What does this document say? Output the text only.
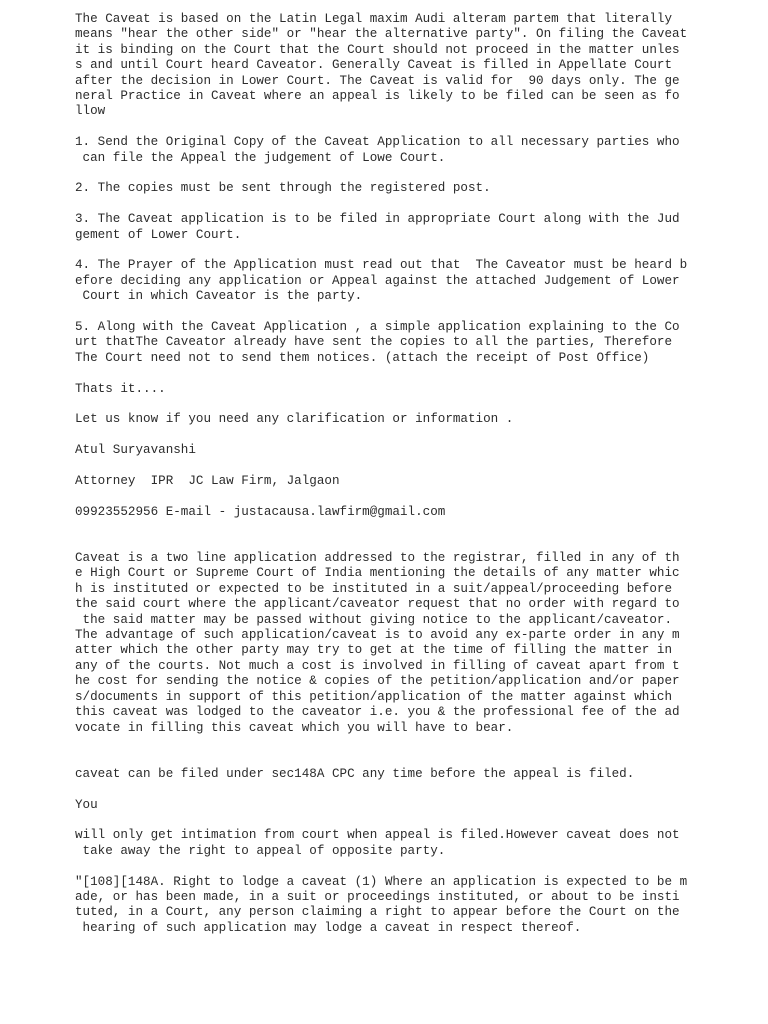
The Caveat is based on the Latin Legal maxim Audi alteram partem that literally
means "hear the other side" or "hear the alternative party". On filing the Caveat
it is binding on the Court that the Court should not proceed in the matter unles
s and until Court heard Caveator. Generally Caveat is filled in Appellate Court
after the decision in Lower Court. The Caveat is valid for  90 days only. The ge
neral Practice in Caveat where an appeal is likely to be filed can be seen as fo
llow
1. Send the Original Copy of the Caveat Application to all necessary parties who
can file the Appeal the judgement of Lowe Court.
2. The copies must be sent through the registered post.
3. The Caveat application is to be filed in appropriate Court along with the Jud
gement of Lower Court.
4. The Prayer of the Application must read out that  The Caveator must be heard b
efore deciding any application or Appeal against the attached Judgement of Lower
Court in which Caveator is the party.
5. Along with the Caveat Application , a simple application explaining to the Co
urt thatThe Caveator already have sent the copies to all the parties, Therefore
The Court need not to send them notices. (attach the receipt of Post Office)
Thats it....
Let us know if you need any clarification or information .
Atul Suryavanshi
Attorney  IPR  JC Law Firm, Jalgaon
09923552956 E-mail - justacausa.lawfirm@gmail.com
Caveat is a two line application addressed to the registrar, filled in any of th
e High Court or Supreme Court of India mentioning the details of any matter whic
h is instituted or expected to be instituted in a suit/appeal/proceeding before
the said court where the applicant/caveator request that no order with regard to
the said matter may be passed without giving notice to the applicant/caveator.
The advantage of such application/caveat is to avoid any ex-parte order in any m
atter which the other party may try to get at the time of filling the matter in
any of the courts. Not much a cost is involved in filling of caveat apart from t
he cost for sending the notice & copies of the petition/application and/or paper
s/documents in support of this petition/application of the matter against which
this caveat was lodged to the caveator i.e. you & the professional fee of the ad
vocate in filling this caveat which you will have to bear.
caveat can be filed under sec148A CPC any time before the appeal is filed.
You
will only get intimation from court when appeal is filed.However caveat does not
take away the right to appeal of opposite party.
"[108][148A. Right to lodge a caveat (1) Where an application is expected to be m
ade, or has been made, in a suit or proceedings instituted, or about to be insti
tuted, in a Court, any person claiming a right to appear before the Court on the
hearing of such application may lodge a caveat in respect thereof.
